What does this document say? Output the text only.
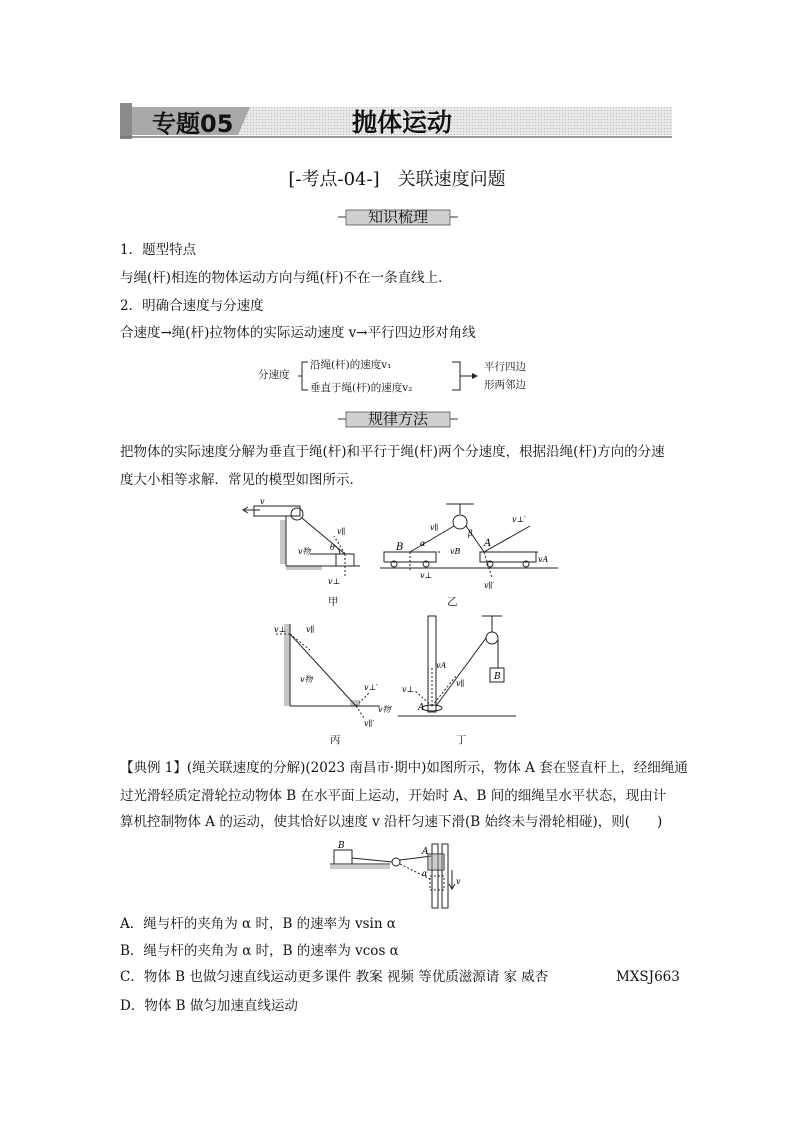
专题05	抛体运动
[-考点-04-]　关联速度问题
知识梳理
1．题型特点
与绳(杆)相连的物体运动方向与绳(杆)不在一条直线上．
2．明确合速度与分速度
合速度→绳(杆)拉物体的实际运动速度 v→平行四边形对角线
分速度
沿绳(杆)的速度v₁
垂直于绳(杆)的速度v₂
平行四边
形两邻边
规律方法
把物体的实际速度分解为垂直于绳(杆)和平行于绳(杆)两个分速度，根据沿绳(杆)方向的分速
度大小相等求解．常见的模型如图所示．
v
v∥
v物 θ
v⊥
甲
B	A
α
β
v∥
vB
v⊥
v⊥′
vA
v∥′
乙
v⊥ v∥
v物
v⊥′
v物′
v∥′
丙
B
A
vA
v⊥
v∥
丁
【典例 1】(绳关联速度的分解)(2023 南昌市·期中)如图所示，物体 A 套在竖直杆上，经细绳通
过光滑轻质定滑轮拉动物体 B 在水平面上运动，开始时 A、B 间的细绳呈水平状态，现由计
算机控制物体 A 的运动，使其恰好以速度 v 沿杆匀速下滑(B 始终未与滑轮相碰)，则(　　)
B
A
α
v
A．绳与杆的夹角为 α 时，B 的速率为 vsin α
B．绳与杆的夹角为 α 时，B 的速率为 vcos α
C．物体 B 也做匀速直线运动更多课件 教案 视频 等优质滋源请 家 威杏	MXSJ663
D．物体 B 做匀加速直线运动
